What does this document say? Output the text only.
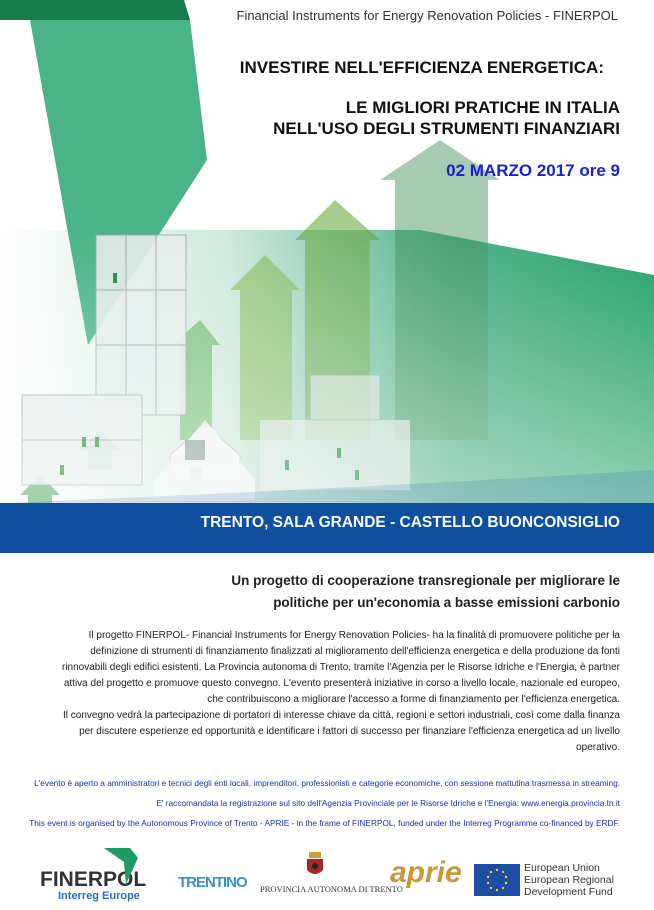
Financial Instruments for Energy Renovation Policies - FINERPOL
INVESTIRE NELL'EFFICIENZA ENERGETICA:
LE MIGLIORI PRATICHE IN ITALIA
NELL'USO DEGLI STRUMENTI FINANZIARI
02 MARZO 2017 ore 9
TRENTO, SALA GRANDE - CASTELLO BUONCONSIGLIO
Un progetto di cooperazione transregionale per migliorare le
politiche per un'economia a basse emissioni carbonio
Il progetto FINERPOL- Financial Instruments for Energy Renovation Policies- ha la finalità di promuovere politiche per la definizione di strumenti di finanziamento finalizzati al miglioramento dell'efficienza energetica e della produzione da fonti rinnovabili degli edifici esistenti. La Provincia autonoma di Trento, tramite l'Agenzia per le Risorse Idriche e l'Energia, è partner attiva del progetto e promuove questo convegno. L'evento presenterà iniziative in corso a livello locale, nazionale ed europeo, che contribuiscono a migliorare l'accesso a forme di finanziamento per l'efficienza energetica.
Il convegno vedrà la partecipazione di portatori di interesse chiave da città, regioni e settori industriali, così come dalla finanza per discutere esperienze ed opportunità e identificare i fattori di successo per finanziare l'efficienza energetica ad un livello operativo.
L'evento è aperto a amministratori e tecnici degli enti locali, imprenditori, professionisti e categorie economiche, con sessione mattutina trasmessa in streaming.
E' raccomandata la registrazione sul sito dell'Agenzia Provinciale per le Risorse Idriche e l'Energia: www.energia.provincia.tn.it
This event is organised by the Autonomous Province of Trento - APRIE - in the frame of FINERPOL, funded under the Interreg Programme co-financed by ERDF.
FINERPOL
Interreg Europe
TRENTINO PROVINCIA AUTONOMA DI TRENTO
aprie	European Union
European Regional
Development Fund
